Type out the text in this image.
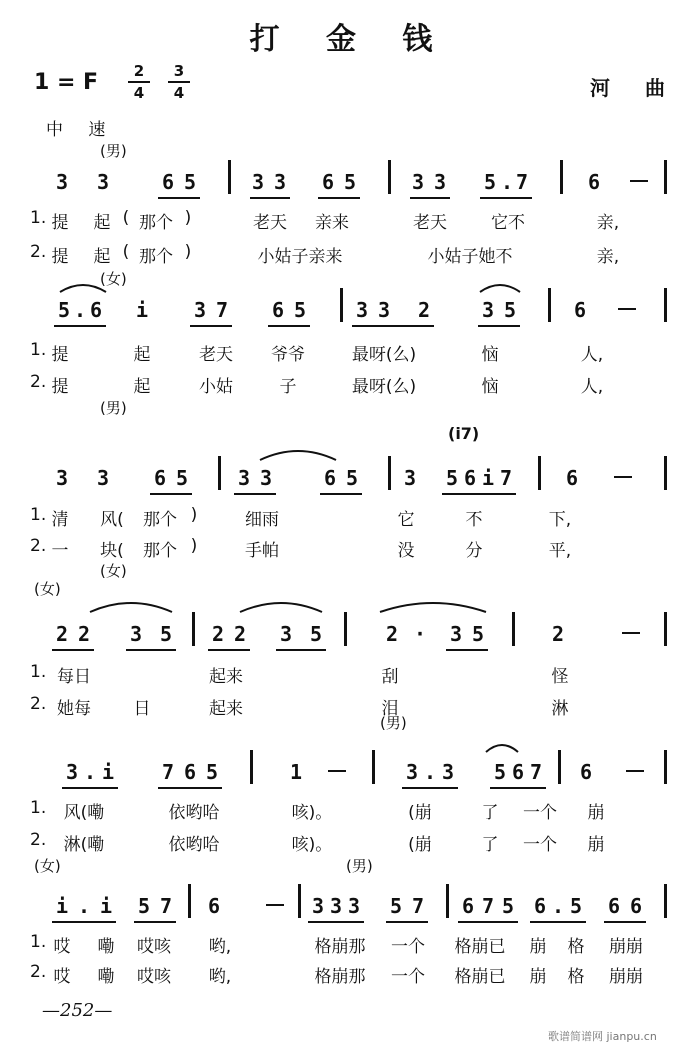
打 金 钱
1 = F	2
4
3
4	河 曲
中 速
(男)
(女)
(男)
(女)
(女)
(男)
(女)	(男)
3 3	6 5	3 3 6 5	3 3 5 . 7	6
1. 提 起 ( 那个 )	老天 亲来	老天	它不	亲,
2. 提 起 ( 那个 )	小姑子亲来	小姑子她不	亲,
5 . 6 i 3 7 6 5 3 3 2	3 5	6
1. 提	起	老天 爷爷	最呀(么)	恼	人,
2. 提	起	小姑	子	最呀(么)	恼	人,
(i7)
3 3 6 5 3 3	6 5 3 5 6 i 7	6
1. 清 风( 那个 )	细雨	它	不	下,
2. 一 块( 那个 )	手帕	没	分	平,
2 2 3 5 2 2 3 5	2 · 3 5	2
1. 每日	起来	刮	怪
2. 她每	日	起来	泪	淋
3 . i 7 6 5	1	3 . 3 5 6 7 6
1. 风(嘞	依哟哈	咳)。	(崩	了 一个 崩
2. 淋(嘞	依哟哈	咳)。	(崩	了 一个 崩
i . i 5 7 6	3 3 3 5 7 6 7 5 6 . 5 6 6
1. 哎 嘞 哎咳 哟,	格崩那 一个 格崩已 崩 格 崩崩
2. 哎 嘞 哎咳 哟,	格崩那 一个 格崩已 崩 格 崩崩
—252—
歌谱简谱网 jianpu.cn
